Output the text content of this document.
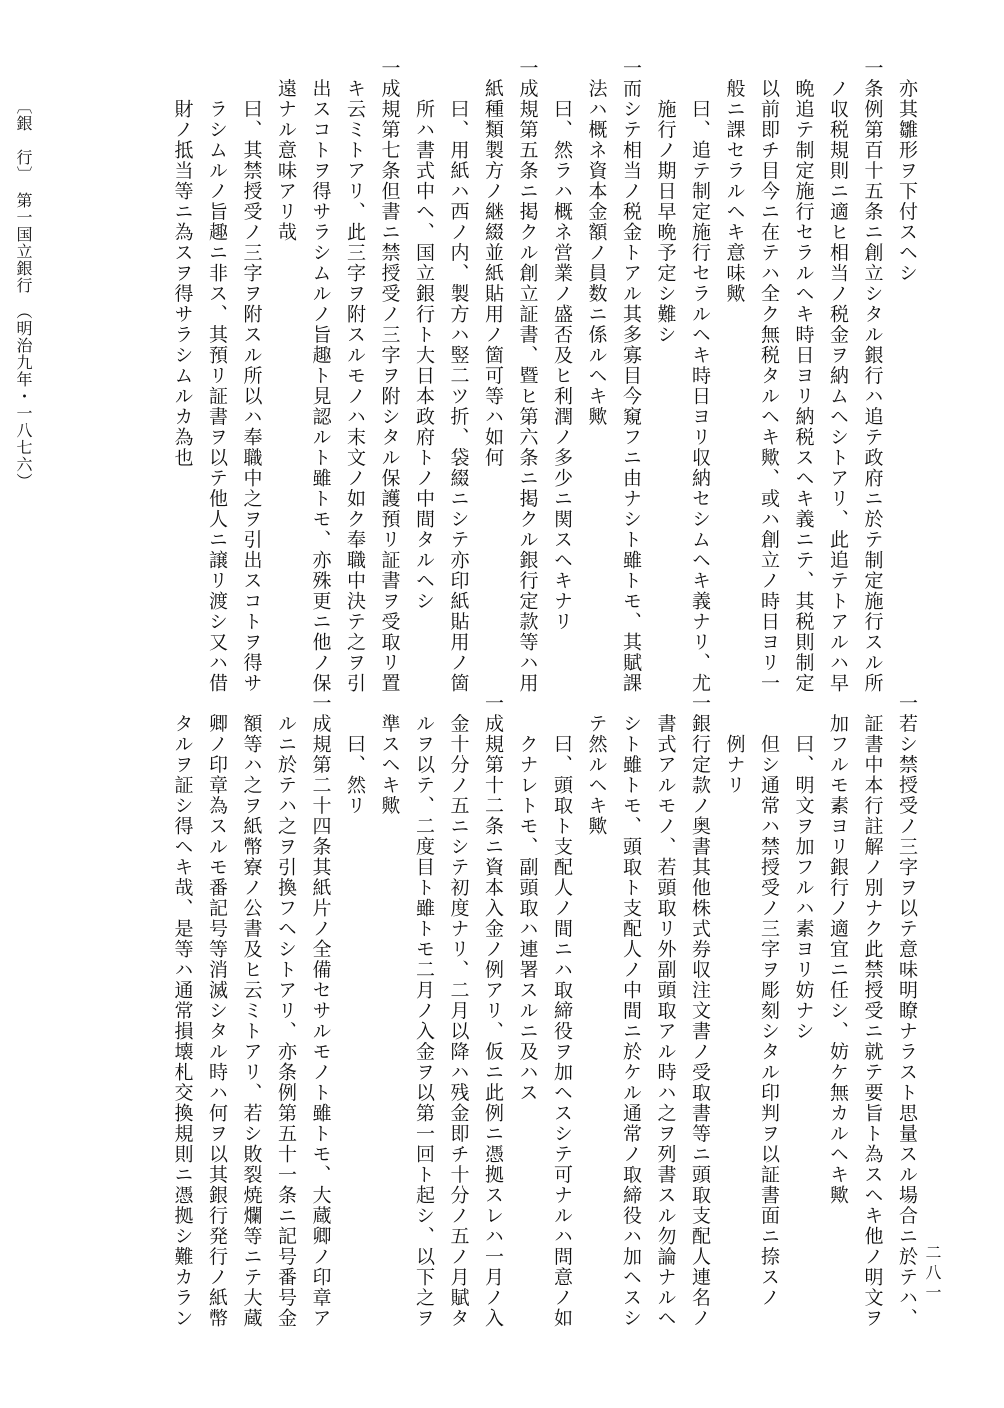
　亦其雛形ヲ下付スヘシ
一条例第百十五条ニ創立シタル銀行ハ追テ政府ニ於テ制定施行スル所
　ノ収税規則ニ適ヒ相当ノ税金ヲ納ムヘシトアリ、此追テトアルハ早
　晩追テ制定施行セラルヘキ時日ヨリ納税スヘキ義ニテ、其税則制定
　以前即チ目今ニ在テハ全ク無税タルヘキ歟、或ハ創立ノ時日ヨリ一
　般ニ課セラルヘキ意味歟
　　曰、追テ制定施行セラルヘキ時日ヨリ収納セシムヘキ義ナリ、尤
　　施行ノ期日早晩予定シ難シ
一而シテ相当ノ税金トアル其多寡目今窺フニ由ナシト雖トモ、其賦課
　法ハ概ネ資本金額ノ員数ニ係ルヘキ歟
　　曰、然ラハ概ネ営業ノ盛否及ヒ利潤ノ多少ニ関スヘキナリ
一成規第五条ニ掲クル創立証書、暨ヒ第六条ニ掲クル銀行定款等ハ用
　紙種類製方ノ継綴並紙貼用ノ箇可等ハ如何
　　曰、用紙ハ西ノ内、製方ハ竪二ツ折、袋綴ニシテ亦印紙貼用ノ箇
　　所ハ書式中ヘ、国立銀行ト大日本政府トノ中間タルヘシ
一成規第七条但書ニ禁授受ノ三字ヲ附シタル保護預リ証書ヲ受取リ置
　キ云ミトアリ、此三字ヲ附スルモノハ末文ノ如ク奉職中決テ之ヲ引
　出スコトヲ得サラシムルノ旨趣ト見認ルト雖トモ、亦殊更ニ他ノ保
　遠ナル意味アリ哉
　　曰、其禁授受ノ三字ヲ附スル所以ハ奉職中之ヲ引出スコトヲ得サ
　　ラシムルノ旨趣ニ非ス、其預リ証書ヲ以テ他人ニ譲リ渡シ又ハ借
　　財ノ抵当等ニ為スヲ得サラシムルカ為也
一若シ禁授受ノ三字ヲ以テ意味明瞭ナラスト思量スル場合ニ於テハ、
　証書中本行註解ノ別ナク此禁授受ニ就テ要旨ト為スヘキ他ノ明文ヲ
　加フルモ素ヨリ銀行ノ適宜ニ任シ、妨ケ無カルヘキ歟
　　曰、明文ヲ加フルハ素ヨリ妨ナシ
　　但シ通常ハ禁授受ノ三字ヲ彫刻シタル印判ヲ以証書面ニ捺スノ
　　例ナリ
一銀行定款ノ奥書其他株式券収注文書ノ受取書等ニ頭取支配人連名ノ
　書式アルモノ、若頭取リ外副頭取アル時ハ之ヲ列書スル勿論ナルヘ
　シト雖トモ、頭取ト支配人ノ中間ニ於ケル通常ノ取締役ハ加ヘスシ
　テ然ルヘキ歟
　　曰、頭取ト支配人ノ間ニハ取締役ヲ加ヘスシテ可ナルハ問意ノ如
　　クナレトモ、副頭取ハ連署スルニ及ハス
一成規第十二条ニ資本入金ノ例アリ、仮ニ此例ニ憑拠スレハ一月ノ入
　金十分ノ五ニシテ初度ナリ、二月以降ハ残金即チ十分ノ五ノ月賦タ
　ルヲ以テ、二度目ト雖トモ二月ノ入金ヲ以第一回ト起シ、以下之ヲ
　準スヘキ歟
　　曰、然リ
一成規第二十四条其紙片ノ全備セサルモノト雖トモ、大蔵卿ノ印章ア
　ルニ於テハ之ヲ引換フヘシトアリ、亦条例第五十一条ニ記号番号金
　額等ハ之ヲ紙幣寮ノ公書及ヒ云ミトアリ、若シ敗裂焼爛等ニテ大蔵
　卿ノ印章為スルモ番記号等消滅シタル時ハ何ヲ以其銀行発行ノ紙幣
　タルヲ証シ得ヘキ哉、是等ハ通常損壊札交換規則ニ憑拠シ難カラン
〔銀　行〕　第一国立銀行　（明治九年・一八七六）
二八一
